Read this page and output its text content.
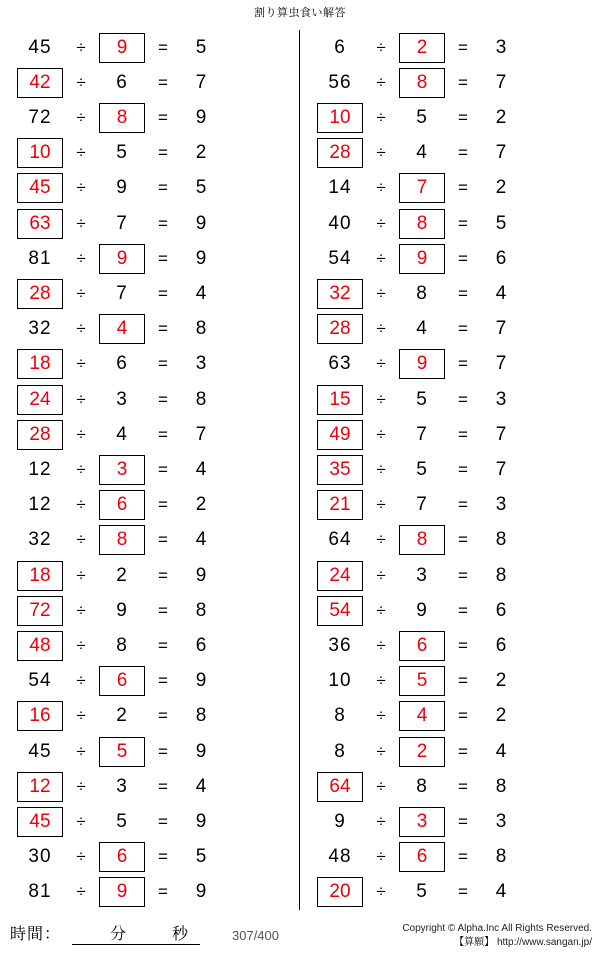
割り算虫食い解答
45	÷	9	=	5
42	÷	6	=	7
72	÷	8	=	9
10	÷	5	=	2
45	÷	9	=	5
63	÷	7	=	9
81	÷	9	=	9
28	÷	7	=	4
32	÷	4	=	8
18	÷	6	=	3
24	÷	3	=	8
28	÷	4	=	7
12	÷	3	=	4
12	÷	6	=	2
32	÷	8	=	4
18	÷	2	=	9
72	÷	9	=	8
48	÷	8	=	6
54	÷	6	=	9
16	÷	2	=	8
45	÷	5	=	9
12	÷	3	=	4
45	÷	5	=	9
30	÷	6	=	5
81	÷	9	=	9
6	÷	2	=	3
56	÷	8	=	7
10	÷	5	=	2
28	÷	4	=	7
14	÷	7	=	2
40	÷	8	=	5
54	÷	9	=	6
32	÷	8	=	4
28	÷	4	=	7
63	÷	9	=	7
15	÷	5	=	3
49	÷	7	=	7
35	÷	5	=	7
21	÷	7	=	3
64	÷	8	=	8
24	÷	3	=	8
54	÷	9	=	6
36	÷	6	=	6
10	÷	5	=	2
8	÷	4	=	2
8	÷	2	=	4
64	÷	8	=	8
9	÷	3	=	3
48	÷	6	=	8
20	÷	5	=	4
時間：	分	秒	307/400	Copyright © Alpha.Inc All Rights Reserved.
【算願】 http://www.sangan.jp/
